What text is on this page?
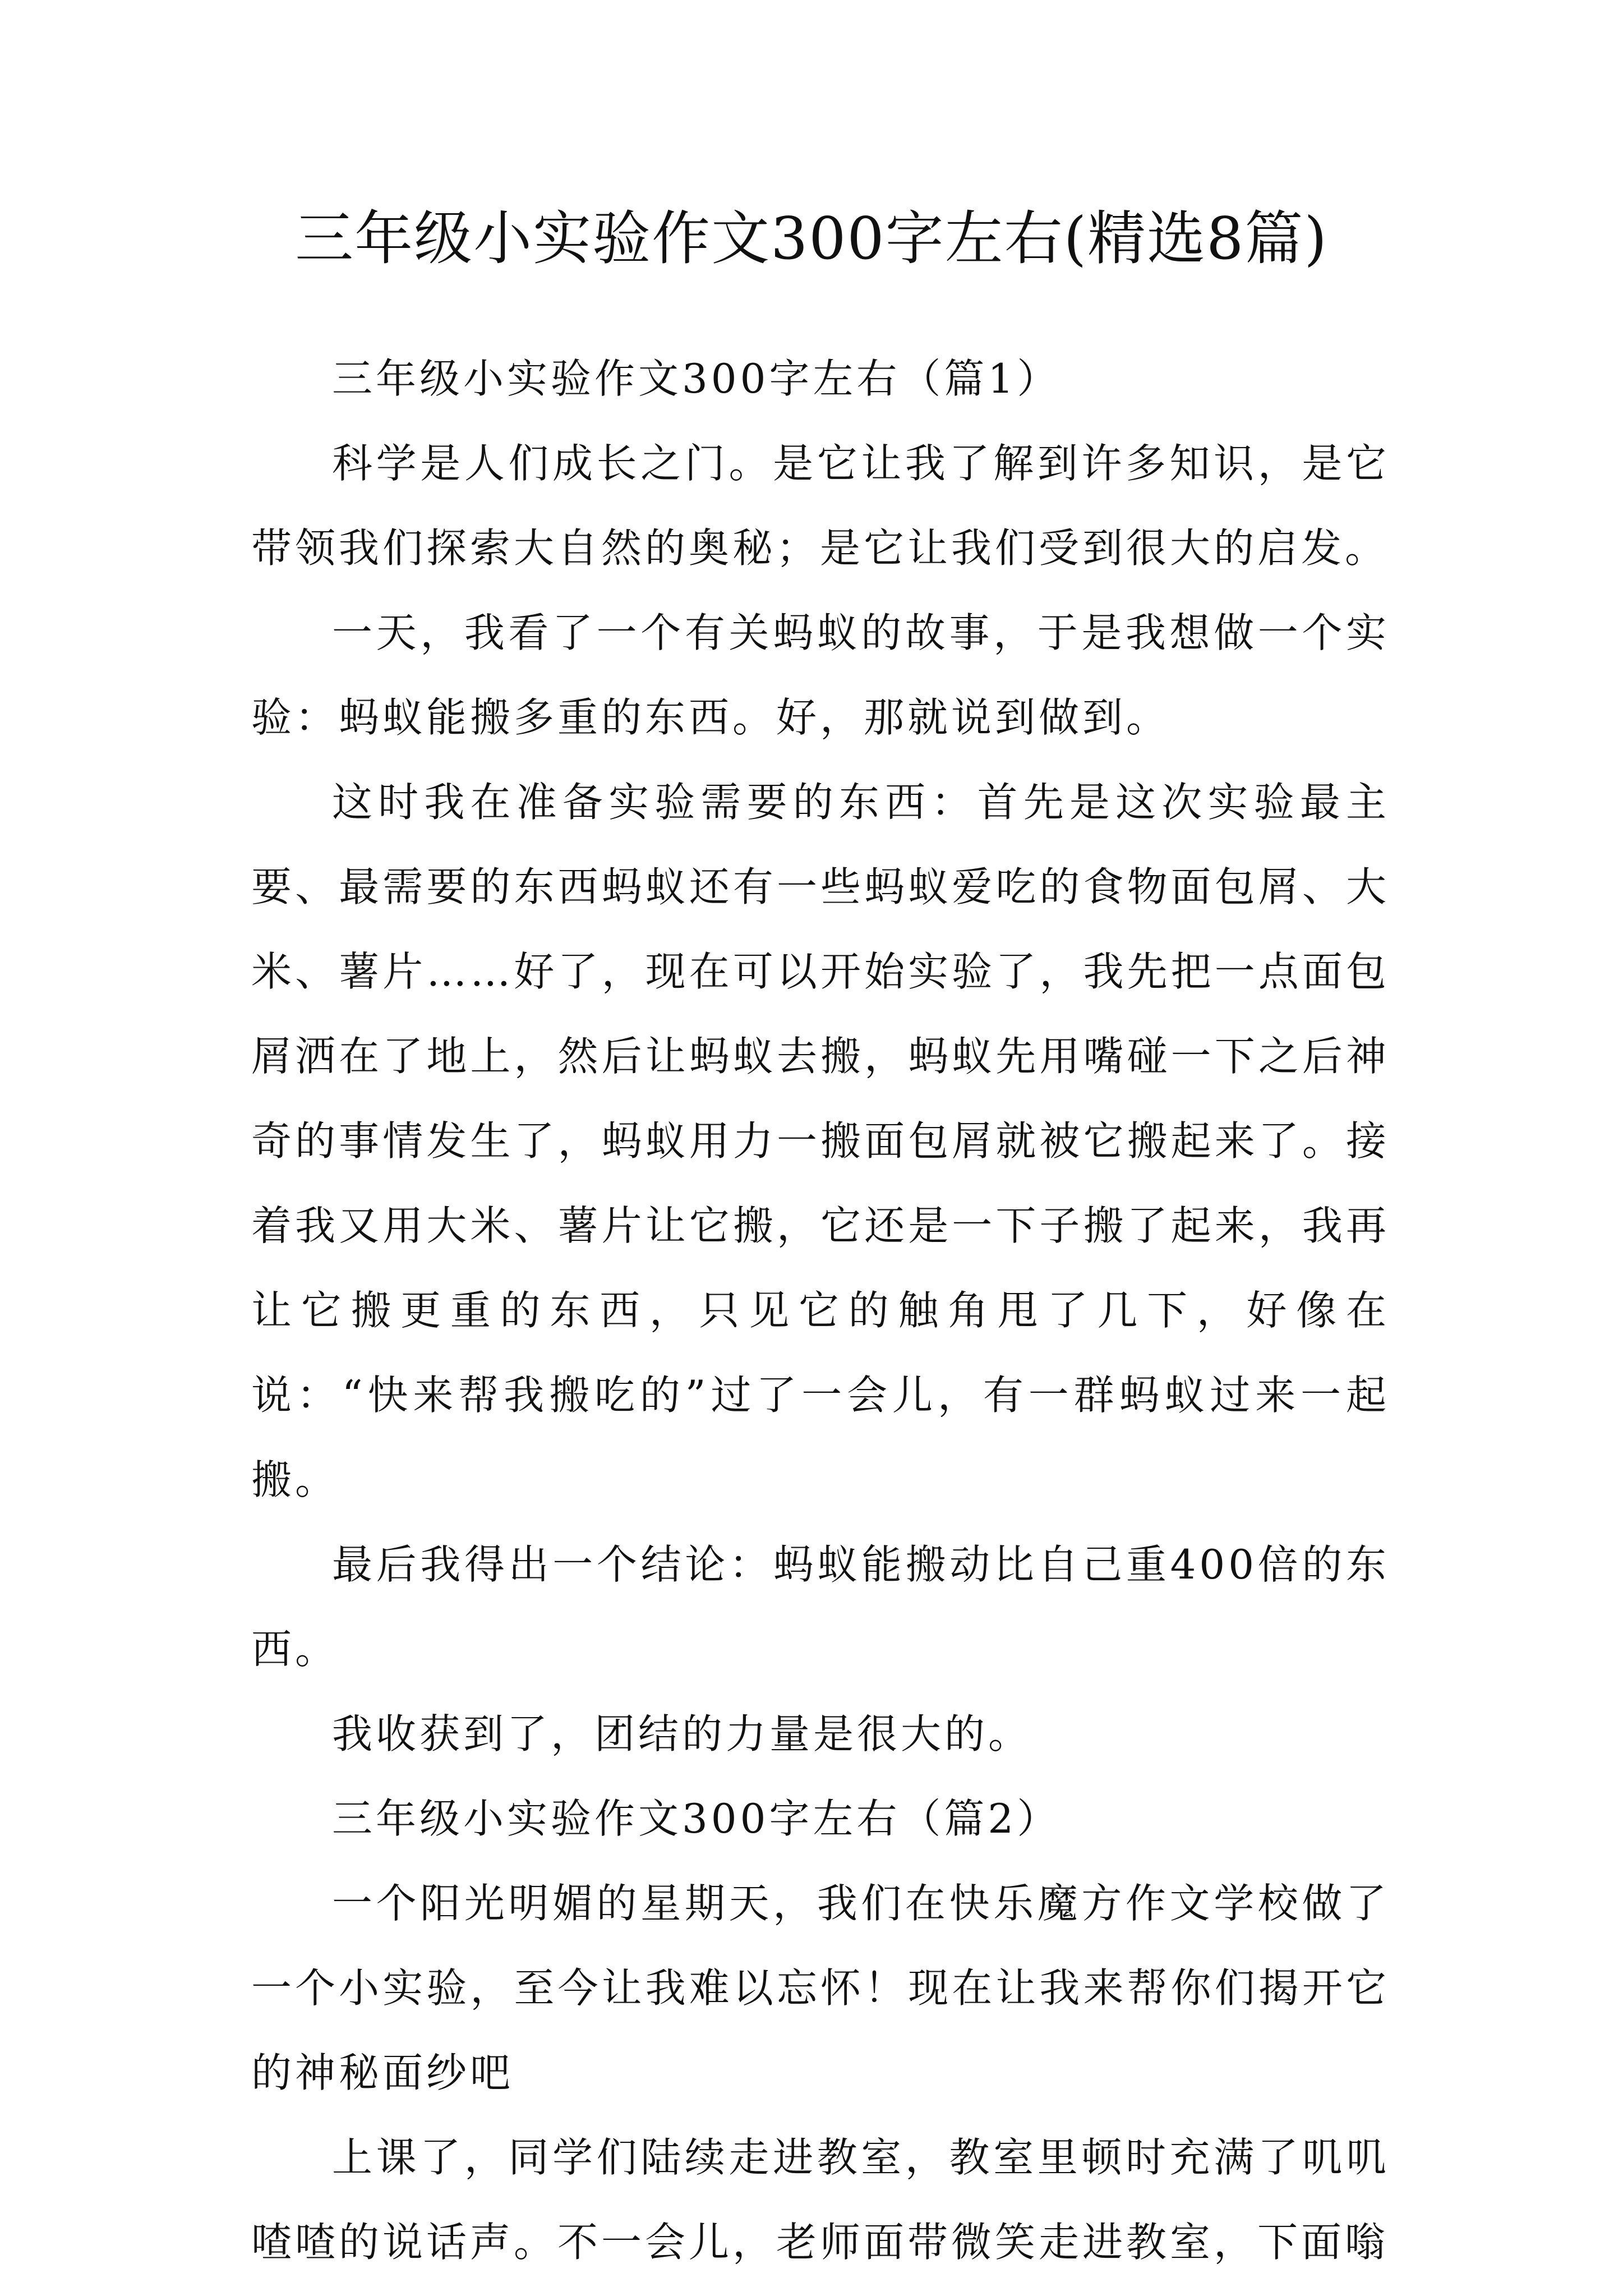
三年级小实验作文300字左右(精选8篇)

三年级小实验作文300字左右（篇1）

科学是人们成长之门。是它让我了解到许多知识，是它带领我们探索大自然的奥秘；是它让我们受到很大的启发。

一天，我看了一个有关蚂蚁的故事，于是我想做一个实验：蚂蚁能搬多重的东西。好，那就说到做到。

这时我在准备实验需要的东西：首先是这次实验最主要、最需要的东西蚂蚁还有一些蚂蚁爱吃的食物面包屑、大米、薯片……好了，现在可以开始实验了，我先把一点面包屑洒在了地上，然后让蚂蚁去搬，蚂蚁先用嘴碰一下之后神奇的事情发生了，蚂蚁用力一搬面包屑就被它搬起来了。接着我又用大米、薯片让它搬，它还是一下子搬了起来，我再让它搬更重的东西，只见它的触角甩了几下，好像在说：“快来帮我搬吃的”过了一会儿，有一群蚂蚁过来一起搬。

最后我得出一个结论：蚂蚁能搬动比自己重400倍的东西。

我收获到了，团结的力量是很大的。

三年级小实验作文300字左右（篇2）

一个阳光明媚的星期天，我们在快乐魔方作文学校做了一个小实验，至今让我难以忘怀！现在让我来帮你们揭开它的神秘面纱吧

上课了，同学们陆续走进教室，教室里顿时充满了叽叽喳喳的说话声。不一会儿，老师面带微笑走进教室，下面嗡
